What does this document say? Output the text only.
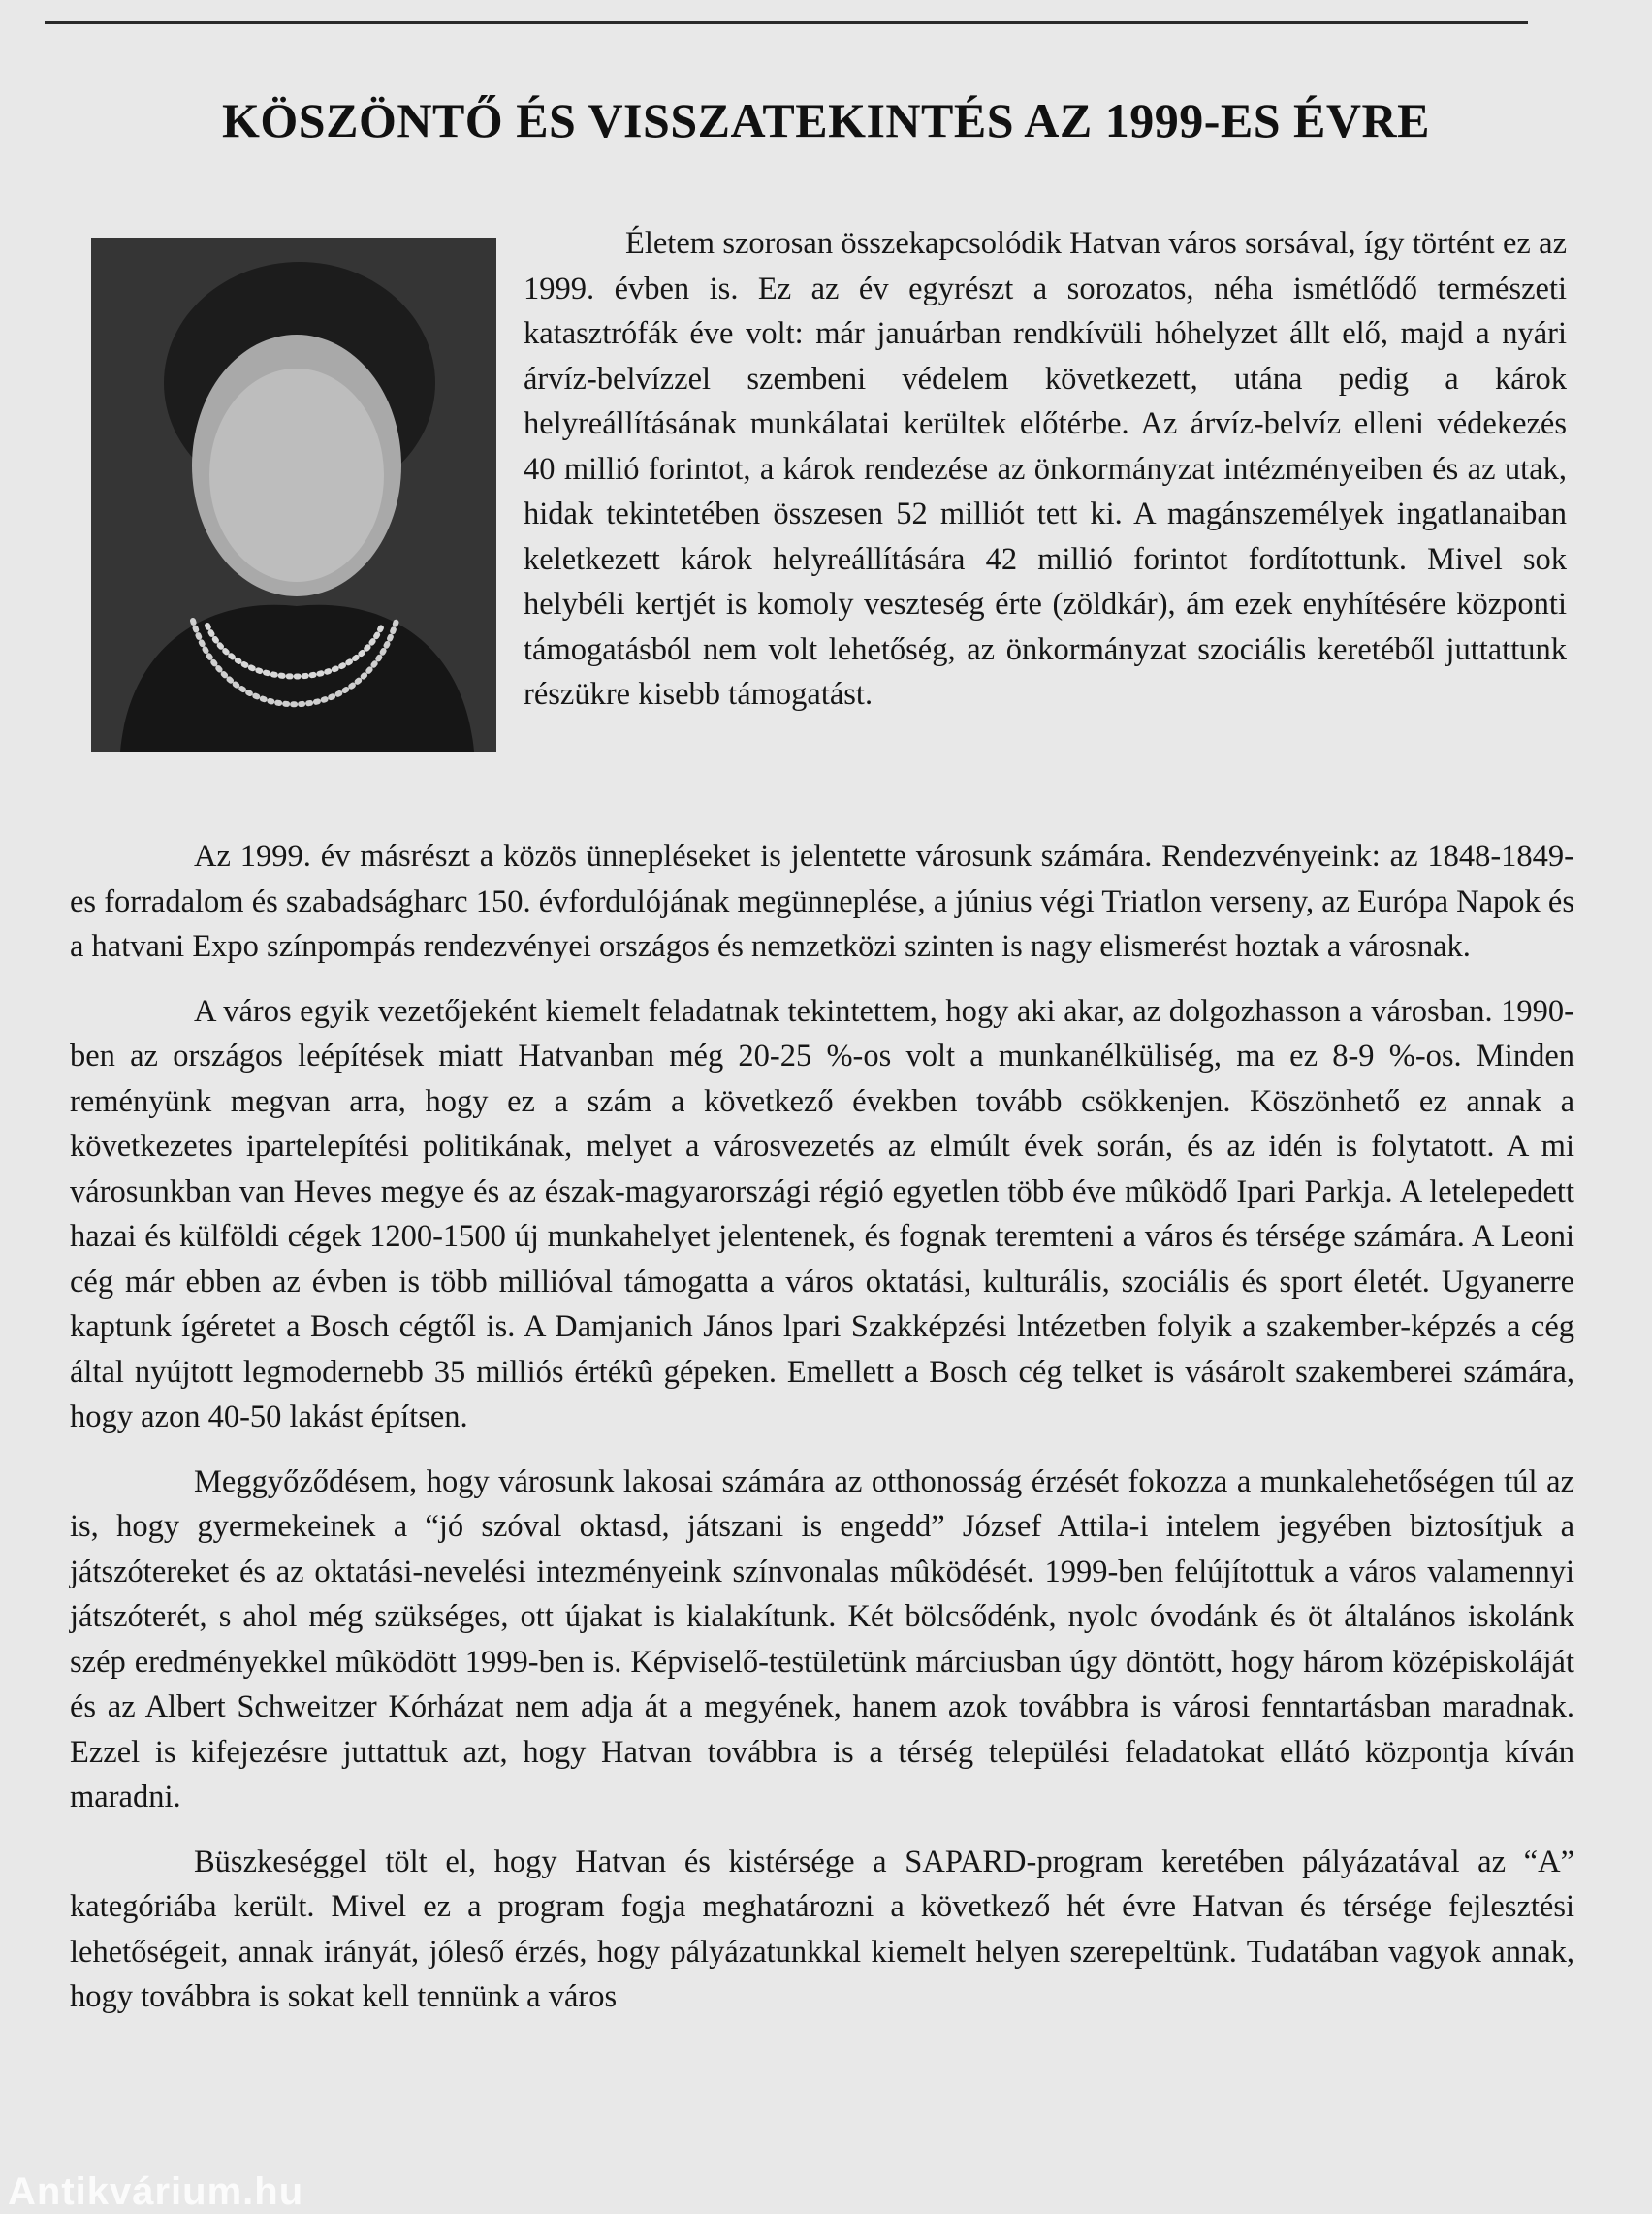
KÖSZÖNTŐ ÉS VISSZATEKINTÉS AZ 1999-ES ÉVRE

Életem szorosan összekapcsolódik Hatvan város sorsával, így történt ez az 1999. évben is. Ez az év egyrészt a sorozatos, néha ismétlődő természeti katasztrófák éve volt: már januárban rendkívüli hóhelyzet állt elő, majd a nyári árvíz-belvízzel szembeni védelem következett, utána pedig a károk helyreállításának munkálatai kerültek előtérbe. Az árvíz-belvíz elleni védekezés 40 millió forintot, a károk rendezése az önkormányzat intézményeiben és az utak, hidak tekintetében összesen 52 milliót tett ki. A magánszemélyek ingatlanaiban keletkezett károk helyreállítására 42 millió forintot fordítottunk. Mivel sok helybéli kertjét is komoly veszteség érte (zöldkár), ám ezek enyhítésére központi támogatásból nem volt lehetőség, az önkormányzat szociális keretéből juttattunk részükre kisebb támogatást.

Az 1999. év másrészt a közös ünnepléseket is jelentette városunk számára. Rendezvényeink: az 1848-1849-es forradalom és szabadságharc 150. évfordulójának megünneplése, a június végi Triatlon verseny, az Európa Napok és a hatvani Expo színpompás rendezvényei országos és nemzetközi szinten is nagy elismerést hoztak a városnak.

A város egyik vezetőjeként kiemelt feladatnak tekintettem, hogy aki akar, az dolgozhasson a városban. 1990-ben az országos leépítések miatt Hatvanban még 20-25 %-os volt a munkanélküliség, ma ez 8-9 %-os. Minden reményünk megvan arra, hogy ez a szám a következő években tovább csökkenjen. Köszönhető ez annak a következetes iparteleрítési politikának, melyet a városvezetés az elmúlt évek során, és az idén is folytatott. A mi városunkban van Heves megye és az észak-magyarországi régió egyetlen több éve mûködő Ipari Parkja. A letelepedett hazai és külföldi cégek 1200-1500 új munkahelyet jelentenek, és fognak teremteni a város és térsége számára. A Leoni cég már ebben az évben is több millióval támogatta a város oktatási, kulturális, szociális és sport életét. Ugyanerre kaptunk ígéretet a Bosch cégtől is. A Damjanich János lpari Szakképzési lntézetben folyik a szakember-képzés a cég által nyújtott legmodernebb 35 milliós értékû gépeken. Emellett a Bosch cég telket is vásárolt szakemberei számára, hogy azon 40-50 lakást építsen.

Meggyőződésem, hogy városunk lakosai számára az otthonosság érzését fokozza a munkalehetőségen túl az is, hogy gyermekeinek a “jó szóval oktasd, játszani is engedd” József Attila-i intelem jegyében biztosítjuk a játszótereket és az oktatási-nevelési intezményeink színvonalas mûködését. 1999-ben felújítottuk a város valamennyi játszóterét, s ahol még szükséges, ott újakat is kialakítunk. Két bölcsődénk, nyolc óvodánk és öt általános iskolánk szép eredményekkel mûködött 1999-ben is. Képviselő-testületünk márciusban úgy döntött, hogy három középiskoláját és az Albert Schweitzer Kórházat nem adja át a megyének, hanem azok továbbra is városi fenntartásban maradnak. Ezzel is kifejezésre juttattuk azt, hogy Hatvan továbbra is a térség települési feladatokat ellátó központja kíván maradni.

Büszkeséggel tölt el, hogy Hatvan és kistérsége a SAPARD-program keretében pályázatával az “A” kategóriába került. Mivel ez a program fogja meghatározni a következő hét évre Hatvan és térsége fejlesztési lehetőségeit, annak irányát, jóleső érzés, hogy pályázatunkkal kiemelt helyen szerepeltünk. Tudatában vagyok annak, hogy továbbra is sokat kell tennünk a város

Antikvárium.hu
